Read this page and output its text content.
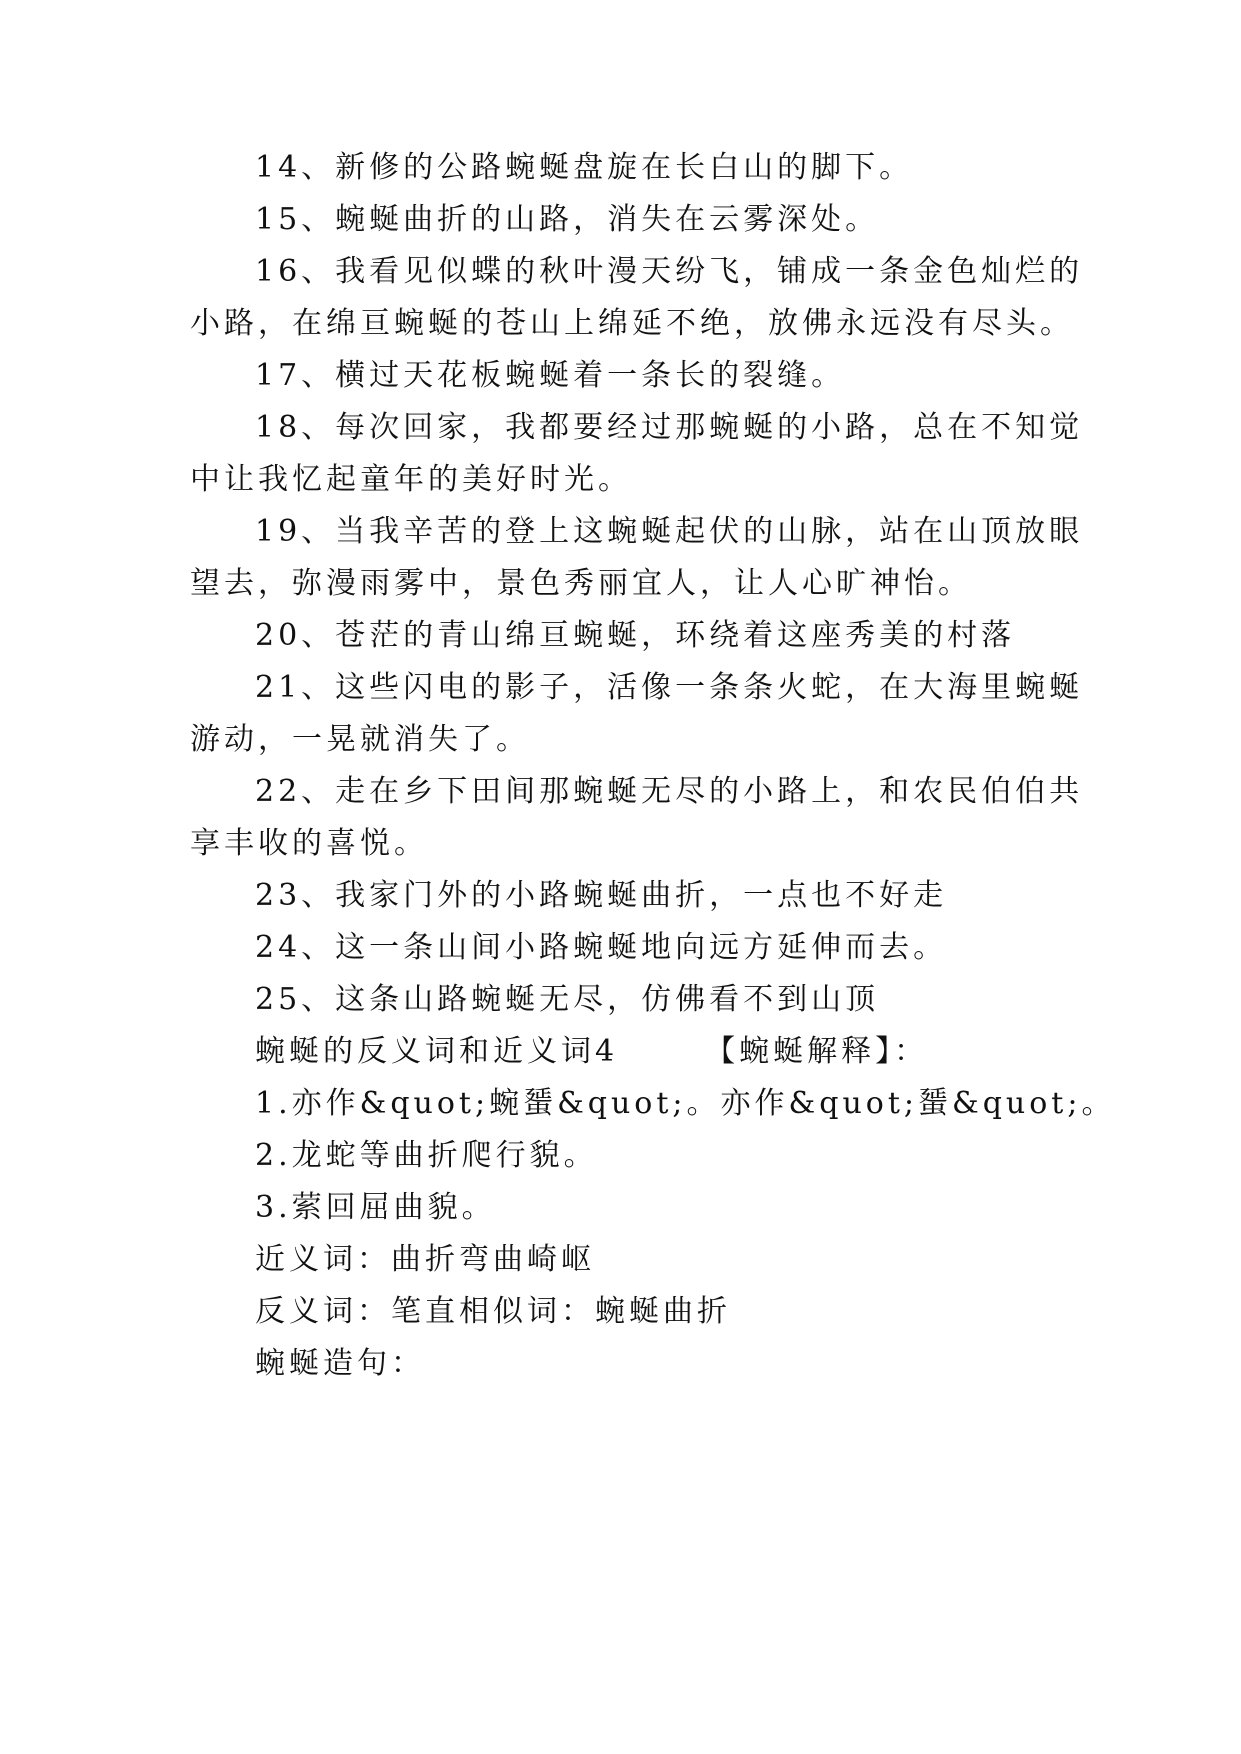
14、新修的公路蜿蜒盘旋在长白山的脚下。
15、蜿蜒曲折的山路，消失在云雾深处。
16、我看见似蝶的秋叶漫天纷飞，铺成一条金色灿烂的
小路，在绵亘蜿蜒的苍山上绵延不绝，放佛永远没有尽头。
17、横过天花板蜿蜒着一条长的裂缝。
18、每次回家，我都要经过那蜿蜒的小路，总在不知觉
中让我忆起童年的美好时光。
19、当我辛苦的登上这蜿蜒起伏的山脉，站在山顶放眼
望去，弥漫雨雾中，景色秀丽宜人，让人心旷神怡。
20、苍茫的青山绵亘蜿蜒，环绕着这座秀美的村落
21、这些闪电的影子，活像一条条火蛇，在大海里蜿蜒
游动，一晃就消失了。
22、走在乡下田间那蜿蜒无尽的小路上，和农民伯伯共
享丰收的喜悦。
23、我家门外的小路蜿蜒曲折，一点也不好走
24、这一条山间小路蜿蜒地向远方延伸而去。
25、这条山路蜿蜒无尽，仿佛看不到山顶
蜿蜒的反义词和近义词4　　　【蜿蜒解释】：
1.亦作&quot;蜿蜑&quot;。亦作&quot;蜑&quot;。
2.龙蛇等曲折爬行貌。
3.萦回屈曲貌。
近义词：曲折弯曲崎岖
反义词：笔直相似词：蜿蜒曲折
蜿蜒造句：
